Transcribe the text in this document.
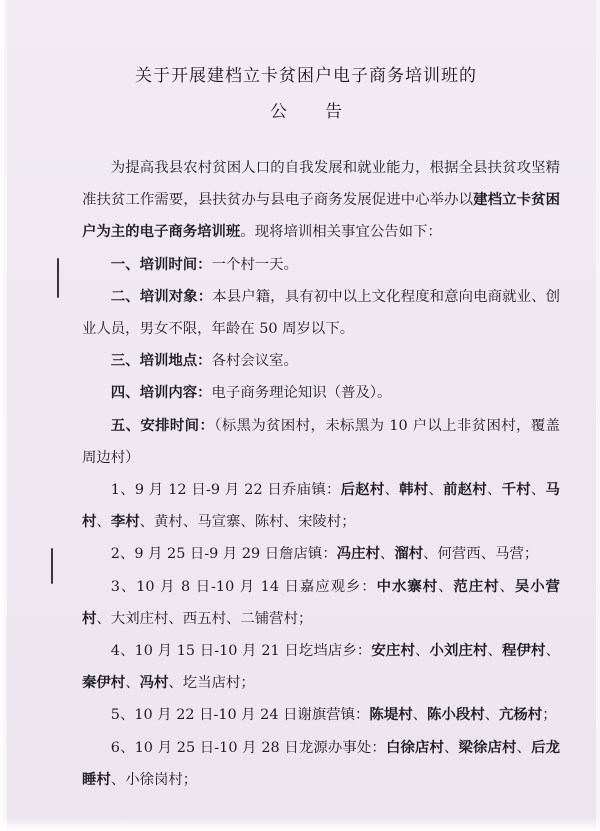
关于开展建档立卡贫困户电子商务培训班的
公告

为提高我县农村贫困人口的自我发展和就业能力，根据全县扶贫攻坚精准扶贫工作需要，县扶贫办与县电子商务发展促进中心举办以建档立卡贫困户为主的电子商务培训班。现将培训相关事宜公告如下：

一、培训时间：一个村一天。

二、培训对象：本县户籍，具有初中以上文化程度和意向电商就业、创业人员，男女不限，年龄在 50 周岁以下。

三、培训地点：各村会议室。

四、培训内容：电子商务理论知识（普及）。

五、安排时间：（标黑为贫困村，未标黑为 10 户以上非贫困村，覆盖周边村）

1、9 月 12 日-9 月 22 日乔庙镇：后赵村、韩村、前赵村、千村、马村、李村、黄村、马宣寨、陈村、宋陵村；

2、9 月 25 日-9 月 29 日詹店镇：冯庄村、溜村、何营西、马营；

3、10 月 8 日-10 月 14 日嘉应观乡：中水寨村、范庄村、吴小营村、大刘庄村、西五村、二铺营村；

4、10 月 15 日-10 月 21 日圪垱店乡：安庄村、小刘庄村、程伊村、秦伊村、冯村、圪当店村；

5、10 月 22 日-10 月 24 日谢旗营镇：陈堤村、陈小段村、亢杨村；

6、10 月 25 日-10 月 28 日龙源办事处：白徐店村、梁徐店村、后龙睡村、小徐岗村；
